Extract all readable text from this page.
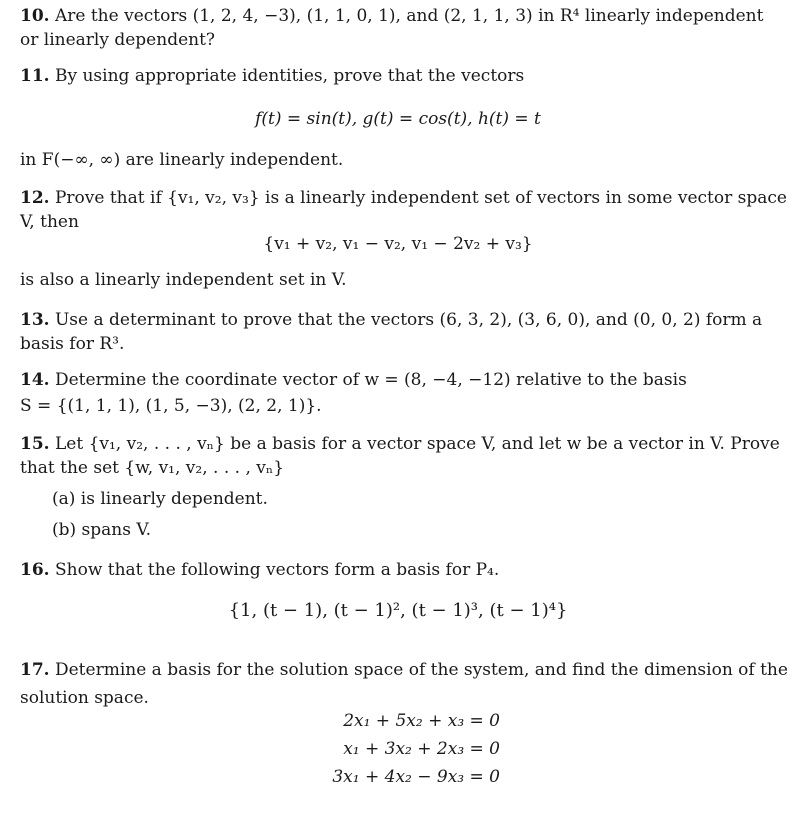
10. Are the vectors (1, 2, 4, −3), (1, 1, 0, 1), and (2, 1, 1, 3) in R⁴ linearly independent
or linearly dependent?
11. By using appropriate identities, prove that the vectors
f(t) = sin(t), g(t) = cos(t), h(t) = t
in F(−∞, ∞) are linearly independent.
12. Prove that if {v₁, v₂, v₃} is a linearly independent set of vectors in some vector space
V, then
{v₁ + v₂, v₁ − v₂, v₁ − 2v₂ + v₃}
is also a linearly independent set in V.
13. Use a determinant to prove that the vectors (6, 3, 2), (3, 6, 0), and (0, 0, 2) form a
basis for R³.
14. Determine the coordinate vector of w = (8, −4, −12) relative to the basis
S = {(1, 1, 1), (1, 5, −3), (2, 2, 1)}.
15. Let {v₁, v₂, . . . , vₙ} be a basis for a vector space V, and let w be a vector in V. Prove
that the set {w, v₁, v₂, . . . , vₙ}
(a) is linearly dependent.
(b) spans V.
16. Show that the following vectors form a basis for P₄.
{1, (t − 1), (t − 1)², (t − 1)³, (t − 1)⁴}
17. Determine a basis for the solution space of the system, and find the dimension of the
solution space.
2x₁ + 5x₂ + x₃ = 0
x₁ + 3x₂ + 2x₃ = 0
3x₁ + 4x₂ − 9x₃ = 0
